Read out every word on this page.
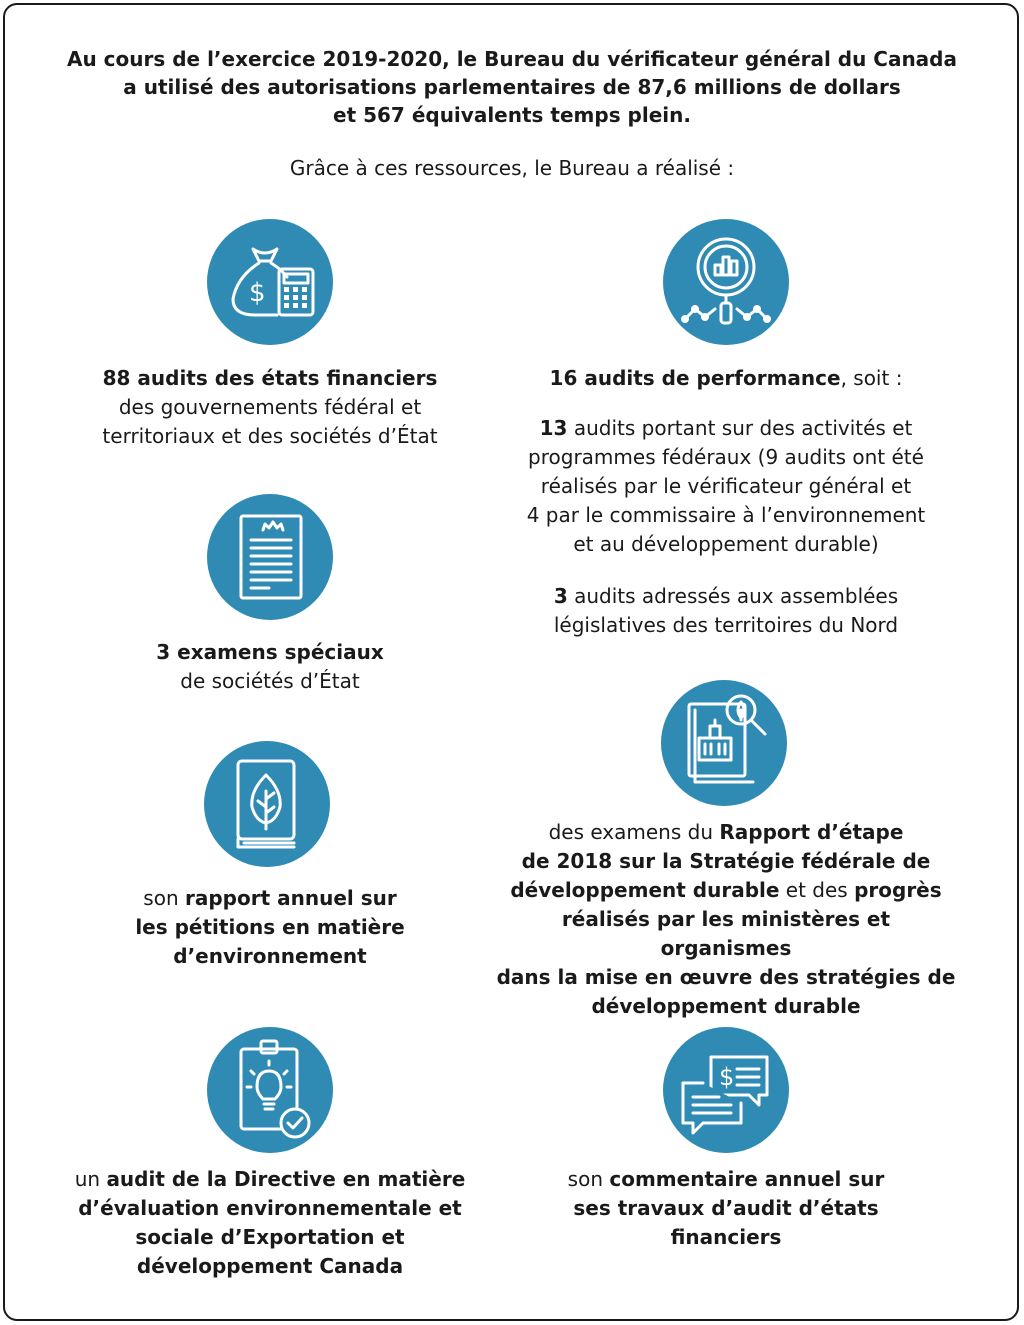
Au cours de l’exercice 2019-2020, le Bureau du vérificateur général du Canada

a utilisé des autorisations parlementaires de 87,6 millions de dollars

et 567 équivalents temps plein.

Grâce à ces ressources, le Bureau a réalisé :
$

88 audits des états financiers

des gouvernements fédéral et

territoriaux et des sociétés d’État

16 audits de performance, soit :

13 audits portant sur des activités et

programmes fédéraux (9 audits ont été

réalisés par le vérificateur général et

4 par le commissaire à l’environnement

et au développement durable)

3 audits adressés aux assemblées

législatives des territoires du Nord

3 examens spéciaux

de sociétés d’État

des examens du Rapport d’étape

de 2018 sur la Stratégie fédérale de

développement durable et des progrès

réalisés par les ministères et organismes

dans la mise en œuvre des stratégies de

développement durable

son rapport annuel sur

les pétitions en matière

d’environnement

un audit de la Directive en matière

d’évaluation environnementale et

sociale d’Exportation et

développement Canada

$

son commentaire annuel sur

ses travaux d’audit d’états

financiers
